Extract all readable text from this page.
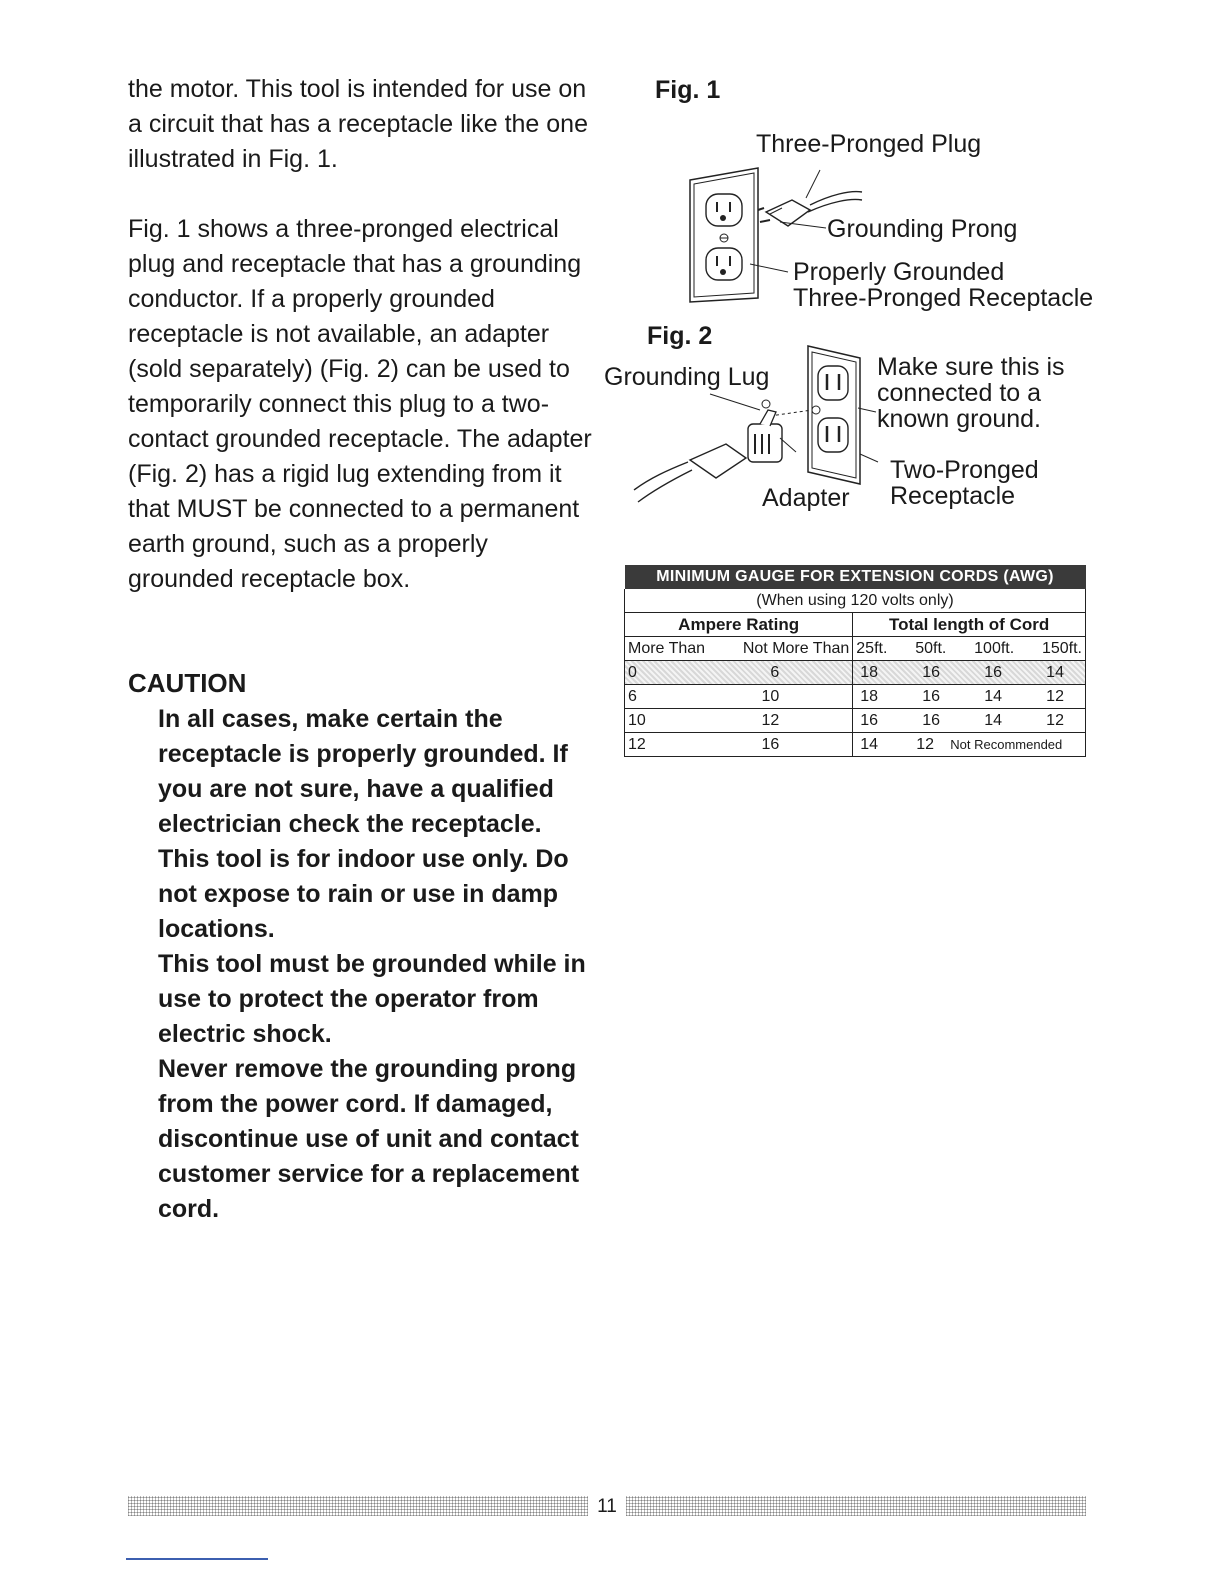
the motor. This tool is intended for use on a circuit that has a receptacle like the one illustrated in Fig. 1.

Fig. 1 shows a three-pronged electrical plug and receptacle that has a grounding conductor. If a properly grounded receptacle is not available, an adapter (sold separately) (Fig. 2) can be used to temporarily connect this plug to a two-contact grounded receptacle. The adapter (Fig. 2) has a rigid lug extending from it that MUST be connected to a permanent earth ground, such as a properly grounded receptacle box.

CAUTION

In all cases, make certain the receptacle is properly grounded. If you are not sure, have a qualified electrician check the receptacle.
This tool is for indoor use only. Do not expose to rain or use in damp locations.
This tool must be grounded while in use to protect the operator from electric shock.
Never remove the grounding prong from the power cord. If damaged, discontinue use of unit and contact customer service for a replacement cord.
Fig. 1
Three-Pronged Plug
Grounding Prong
Properly Grounded
Three-Pronged Receptacle
Fig. 2
Grounding Lug	Make sure this is
connected to a
known ground.
Two-Pronged
Receptacle
Adapter
MINIMUM GAUGE FOR EXTENSION CORDS (AWG)	
(When using 120 volts only)	
Ampere Rating	Total length of Cord

More Than Not More Than	25ft. 50ft. 100ft. 150ft.

0 6	18 16 16 14

6 10	18 16 14 12

10 12	16 16 14 12

12 16	14 12 Not Recommended
11
